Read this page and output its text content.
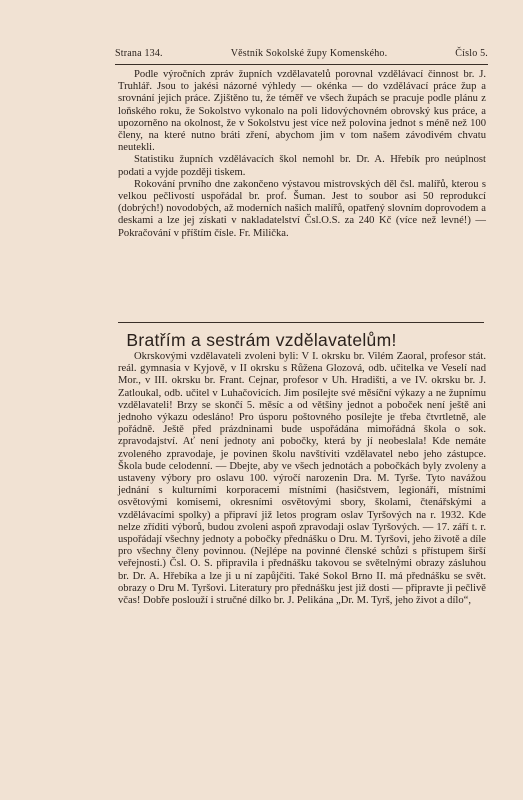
Strana 134.	Věstník Sokolské župy Komenského.	Číslo 5.

Podle výročních zpráv župních vzdělavatelů porovnal vzdělávací činnost br. J. Truhlář. Jsou to jakési názorné výhledy — okénka — do vzdělávací práce žup a srovnání jejich práce. Zjištěno tu, že téměř ve všech župách se pracuje podle plánu z loňského roku, že Sokolstvo vykonalo na poli lidovýchovném obrovský kus práce, a upozorněno na okolnost, že v Sokolstvu jest více než polovina jednot s méně než 100 členy, na které nutno bráti zření, abychom jim v tom našem závodivém chvatu neutekli.

Statistiku župních vzdělávacích škol nemohl br. Dr. A. Hřebík pro neúplnost podati a vyjde později tiskem.

Rokování prvního dne zakončeno výstavou mistrovských děl čsl. malířů, kterou s velkou pečlivostí uspořádal br. prof. Šuman. Jest to soubor asi 50 reprodukcí (dobrých!) novodobých, až moderních našich malířů, opatřený slovním doprovodem a deskami a lze jej získati v nakladatelství Čsl.O.S. za 240 Kč (více než levné!) — Pokračování v příštím čísle. Fr. Milička.

Bratřím a sestrám vzdělavatelům!

Okrskovými vzdělavateli zvoleni byli: V I. okrsku br. Vilém Zaoral, profesor stát. reál. gymnasia v Kyjově, v II okrsku s Růžena Glozová, odb. učitelka ve Veselí nad Mor., v III. okrsku br. Frant. Cejnar, profesor v Uh. Hradišti, a ve IV. okrsku br. J. Zatloukal, odb. učitel v Luhačovicích. Jim posílejte své měsíční výkazy a ne župnímu vzdělavateli! Brzy se skončí 5. měsíc a od většiny jednot a poboček není ještě ani jednoho výkazu odesláno! Pro úsporu poštovného posílejte je třeba čtvrtletně, ale pořádně. Ještě před prázdninami bude uspořádána mimořádná škola o sok. zpravodajství. Ať není jednoty ani pobočky, která by jí neobeslala! Kde nemáte zvoleného zpravodaje, je povinen školu navštíviti vzdělavatel nebo jeho zástupce. Škola bude celodenní. — Dbejte, aby ve všech jednotách a pobočkách byly zvoleny a ustaveny výbory pro oslavu 100. výročí narozenin Dra. M. Tyrše. Tyto navážou jednání s kulturními korporacemi místními (hasičstvem, legionáři, místními osvětovými komisemi, okresními osvětovými sbory, školami, čtenářskými a vzdělávacími spolky) a připraví již letos program oslav Tyršových na r. 1932. Kde nelze zříditi výborů, budou zvoleni aspoň zpravodaji oslav Tyršových. — 17. září t. r. uspořádají všechny jednoty a pobočky přednášku o Dru. M. Tyršovi, jeho životě a díle pro všechny členy povinnou. (Nejlépe na povinné členské schůzi s přístupem širší veřejnosti.) Čsl. O. S. připravila i přednášku takovou se světelnými obrazy zásluhou br. Dr. A. Hřebíka a lze ji u ní zapůjčiti. Také Sokol Brno II. má přednášku se svět. obrazy o Dru M. Tyršovi. Literatury pro přednášku jest již dosti — připravte ji pečlivě včas! Dobře poslouží i stručné dílko br. J. Pelikána „Dr. M. Tyrš, jeho život a dílo“,
